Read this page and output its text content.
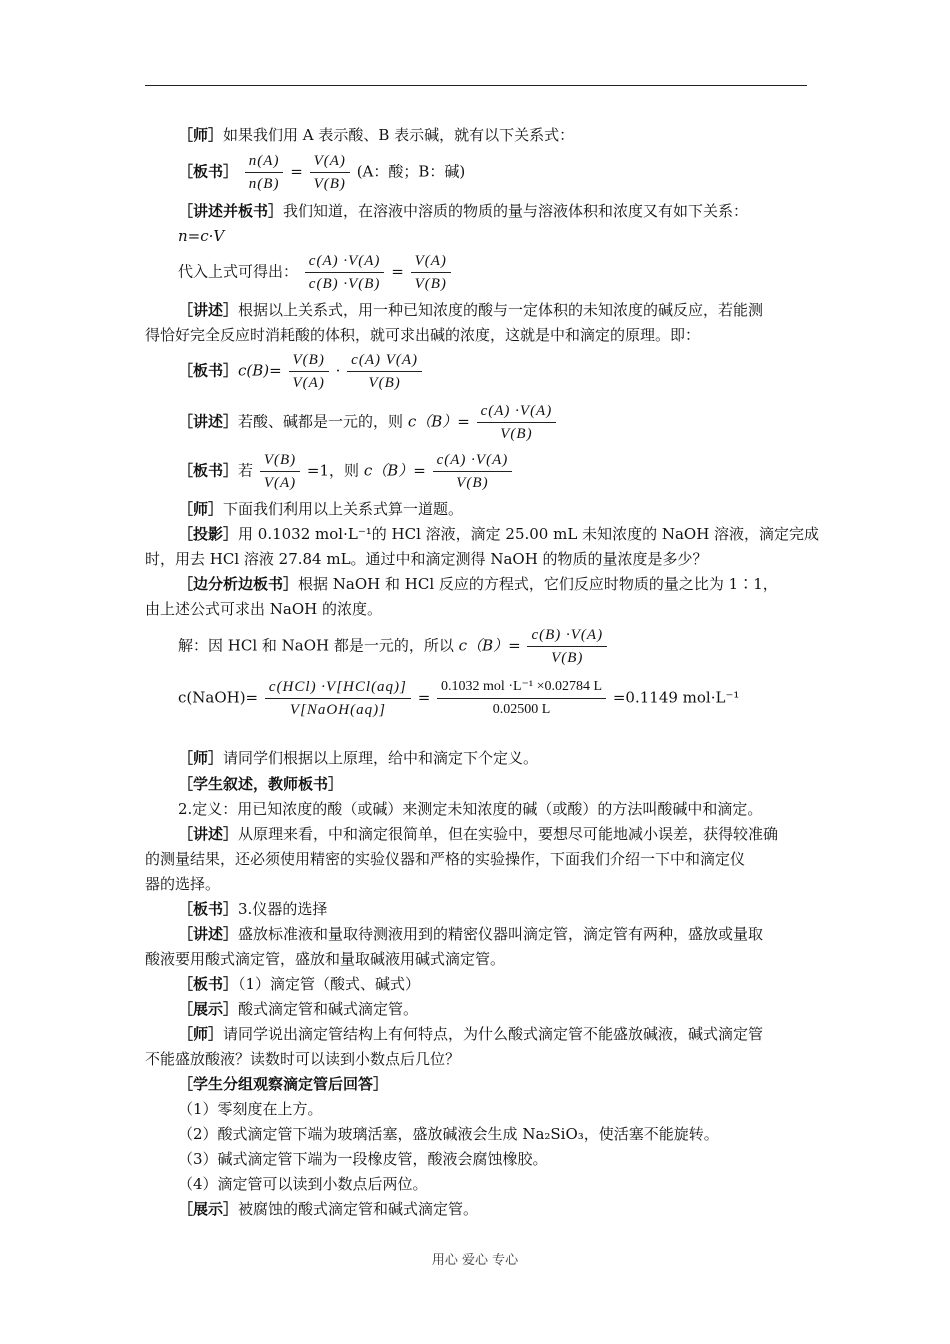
［师］如果我们用 A 表示酸、B 表示碱，就有以下关系式：
［板书］ $\frac{n(A)}{n(B)} = \frac{V(A)}{V(B)} (A$：酸；B：碱)
［讲述并板书］我们知道，在溶液中溶质的物质的量与溶液体积和浓度又有如下关系：
n=c·V
代入上式可得出： $\frac{c(A) \cdot V(A)}{c(B) \cdot V(B)} = \frac{V(A)}{V(B)}$
［讲述］根据以上关系式，用一种已知浓度的酸与一定体积的未知浓度的碱反应，若能测
得恰好完全反应时消耗酸的体积，就可求出碱的浓度，这就是中和滴定的原理。即：
［板书］c(B)= $\frac{V(B)}{V(A)} \cdot \frac{c(A) V(A)}{V(B)}$
［讲述］若酸、碱都是一元的，则 $c(B)= \frac{c(A) \cdot V(A)}{V(B)}$
［板书］若 $\frac{V(B)}{V(A)} =1$，则 $c(B)= \frac{c(A) \cdot V(A)}{V(B)}$
［师］下面我们利用以上关系式算一道题。
［投影］用 0.1032 mol·L⁻¹的 HCl 溶液，滴定 25.00 mL 未知浓度的 NaOH 溶液，滴定完成
时，用去 HCl 溶液 27.84 mL。通过中和滴定测得 NaOH 的物质的量浓度是多少？
［边分析边板书］根据 NaOH 和 HCl 反应的方程式，它们反应时物质的量之比为 1∶1，
由上述公式可求出 NaOH 的浓度。
解：因 HCl 和 NaOH 都是一元的，所以 $c(B)= \frac{c(B) \cdot V(A)}{V(B)}$
c(NaOH)= $\frac{\text{c(HCl) ·V[HCl(aq)]}}{\text{V[NaOH(aq)]}} = \frac{\text{0.1032 mol ·L⁻¹ ×0.02784 L}}{0.02500 L} =0.1149$ mol·L⁻¹
［师］请同学们根据以上原理，给中和滴定下个定义。
［学生叙述，教师板书］
2.定义：用已知浓度的酸（或碱）来测定未知浓度的碱（或酸）的方法叫酸碱中和滴定。
［讲述］从原理来看，中和滴定很简单，但在实验中，要想尽可能地减小误差，获得较准确
的测量结果，还必须使用精密的实验仪器和严格的实验操作，下面我们介绍一下中和滴定仪
器的选择。
［板书］3.仪器的选择
［讲述］盛放标准液和量取待测液用到的精密仪器叫滴定管，滴定管有两种，盛放或量取
酸液要用酸式滴定管，盛放和量取碱液用碱式滴定管。
［板书］（1）滴定管（酸式、碱式）
［展示］酸式滴定管和碱式滴定管。
［师］请同学说出滴定管结构上有何特点，为什么酸式滴定管不能盛放碱液，碱式滴定管
不能盛放酸液？读数时可以读到小数点后几位？
［学生分组观察滴定管后回答］
（1）零刻度在上方。
（2）酸式滴定管下端为玻璃活塞，盛放碱液会生成 Na₂SiO₃，使活塞不能旋转。
（3）碱式滴定管下端为一段橡皮管，酸液会腐蚀橡胶。
（4）滴定管可以读到小数点后两位。
［展示］被腐蚀的酸式滴定管和碱式滴定管。
用心 爱心 专心
